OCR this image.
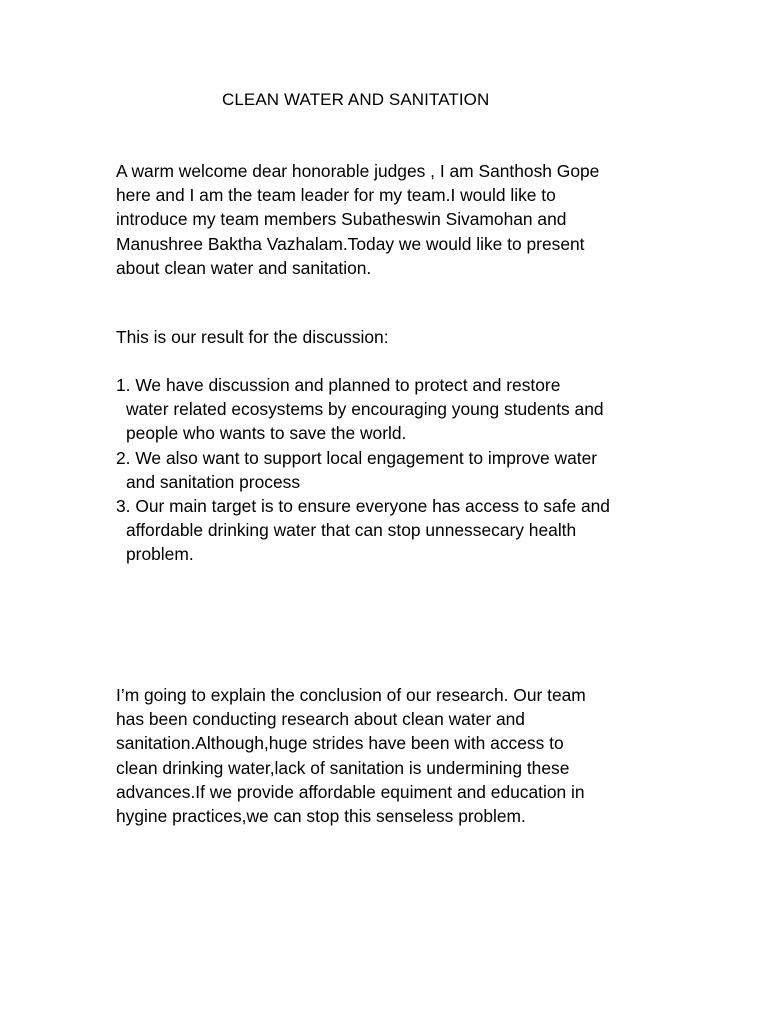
CLEAN WATER AND SANITATION
A warm welcome dear honorable judges , I am Santhosh Gope
here and I am the team leader for my team.I would like to
introduce my team members Subatheswin Sivamohan and
Manushree Baktha Vazhalam.Today we would like to present
about clean water and sanitation.
This is our result for the discussion:
1. We have discussion and planned to protect and restore
water related ecosystems by encouraging young students and
people who wants to save the world.
2. We also want to support local engagement to improve water
and sanitation process
3. Our main target is to ensure everyone has access to safe and
affordable drinking water that can stop unnessecary health
problem.
I’m going to explain the conclusion of our research. Our team
has been conducting research about clean water and
sanitation.Although,huge strides have been with access to
clean drinking water,lack of sanitation is undermining these
advances.If we provide affordable equiment and education in
hygine practices,we can stop this senseless problem.
